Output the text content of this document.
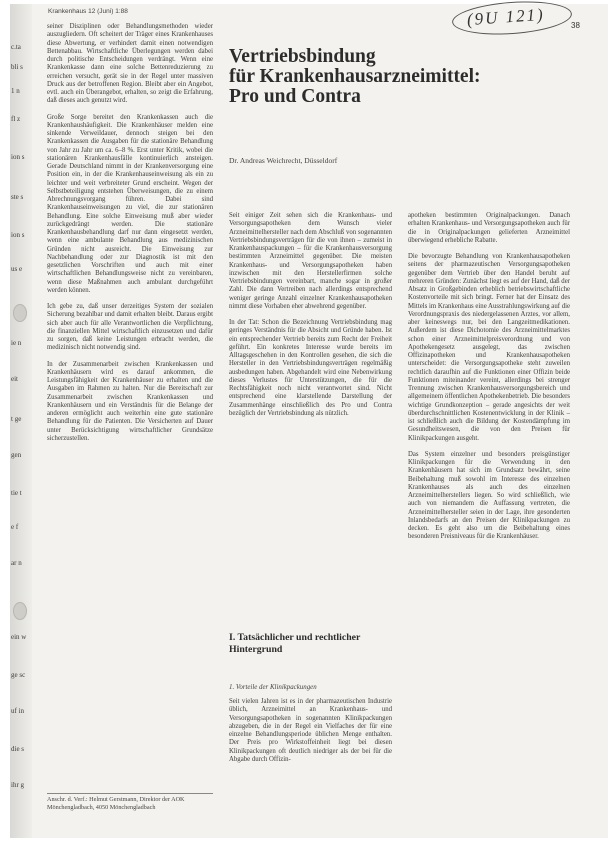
c.ta
bli s
1 n
fl z
ion s
ste s
ion s
us e
ie n
eit
t ge
gen
tie t
e f
ar n
ein w
ge sc
uf in
die s
ihr g
Krankenhaus 12 (Juni) 1:88	(9U 121)	38

seiner Disziplinen oder Behandlungsmethoden wieder auszugliedern. Oft scheitert der Träger eines Krankenhauses diese Abwertung, er verhindert damit einen notwendigen Bettenabbau. Wirtschaftliche Überlegungen werden dabei durch politische Entscheidungen verdrängt. Wenn eine Krankenkasse dann eine solche Bettenreduzierung zu erreichen versucht, gerät sie in der Regel unter massiven Druck aus der betroffenen Region. Bleibt aber ein Angebot, evtl. auch ein Überangebot, erhalten, so zeigt die Erfahrung, daß dieses auch genutzt wird.

Große Sorge bereitet den Krankenkassen auch die Krankenhaushäufigkeit. Die Krankenhäuser melden eine sinkende Verweildauer, dennoch steigen bei den Krankenkassen die Ausgaben für die stationäre Behandlung von Jahr zu Jahr um ca. 6–8 %. Erst unter Kritik, wobei die stationären Krankenhausfälle kontinuierlich ansteigen. Gerade Deutschland nimmt in der Krankenversorgung eine Position ein, in der die Krankenhauseinweisung als ein zu leichter und weit verbreiteter Grund erscheint. Wegen der Selbstbeteiligung entstehen Überweisungen, die zu einem Abrechnungsvorgang führen. Dabei sind Krankenhauseinweisungen zu viel, die zur stationären Behandlung. Eine solche Einweisung muß aber wieder zurückgedrängt werden. Die stationäre Krankenhausbehandlung darf nur dann eingesetzt werden, wenn eine ambulante Behandlung aus medizinischen Gründen nicht ausreicht. Die Einweisung zur Nachbehandlung oder zur Diagnostik ist mit den gesetzlichen Vorschriften und auch mit einer wirtschaftlichen Behandlungsweise nicht zu vereinbaren, wenn diese Maßnahmen auch ambulant durchgeführt werden können.

Ich gebe zu, daß unser derzeitiges System der sozialen Sicherung bezahlbar und damit erhalten bleibt. Daraus ergibt sich aber auch für alle Verantwortlichen die Verpflichtung, die finanziellen Mittel wirtschaftlich einzusetzen und dafür zu sorgen, daß keine Leistungen erbracht werden, die medizinisch nicht notwendig sind.

In der Zusammenarbeit zwischen Krankenkassen und Krankenhäusern wird es darauf ankommen, die Leistungsfähigkeit der Krankenhäuser zu erhalten und die Ausgaben im Rahmen zu halten. Nur die Bereitschaft zur Zusammenarbeit zwischen Krankenkassen und Krankenhäusern und ein Verständnis für die Belange der anderen ermöglicht auch weiterhin eine gute stationäre Behandlung für die Patienten. Die Versicherten auf Dauer unter Berücksichtigung wirtschaftlicher Grundsätze sicherzustellen.

Anschr. d. Verf.: Helmut Gerstmann, Direktor der AOK Mönchengladbach, 4050 Mönchengladbach
Vertriebsbindung
für Krankenhausarzneimittel:
Pro und Contra
Dr. Andreas Weichrecht, Düsseldorf

Seit einiger Zeit sehen sich die Krankenhaus- und Versorgungsapotheken dem Wunsch vieler Arzneimittelhersteller nach dem Abschluß von sogenannten Vertriebsbindungsverträgen für die von ihnen – zumeist in Krankenhauspackungen – für die Krankenhausversorgung bestimmten Arzneimittel gegenüber. Die meisten Krankenhaus- und Versorgungsapotheken haben inzwischen mit den Herstellerfirmen solche Vertriebsbindungen vereinbart, manche sogar in großer Zahl. Die dann Vertreiben nach allerdings entsprechend weniger geringe Anzahl einzelner Krankenhausapotheken nimmt diese Vorhaben eher abwehrend gegenüber.

In der Tat: Schon die Bezeichnung Vertriebsbindung mag geringes Verständnis für die Absicht und Gründe haben. Ist ein entsprechender Vertrieb bereits zum Recht der Freiheit geführt. Ein konkretes Interesse wurde bereits im Alltagsgeschehen in den Kontrollen gesehen, die sich die Hersteller in den Vertriebsbindungsverträgen regelmäßig ausbedungen haben. Abgehandelt wird eine Nebenwirkung dieses Verlustes für Unterstützungen, die für die Rechtsfähigkeit noch nicht verantwortet sind. Nicht entsprechend eine klarstellende Darstellung der Zusammenhänge einschließlich des Pro und Contra bezüglich der Vertriebsbindung als nützlich.

I. Tatsächlicher und rechtlicher Hintergrund
1. Vorteile der Klinikpackungen

Seit vielen Jahren ist es in der pharmazeutischen Industrie üblich, Arzneimittel an Krankenhaus- und Versorgungsapotheken in sogenannten Klinikpackungen abzugeben, die in der Regel ein Vielfaches der für eine einzelne Behandlungsperiode üblichen Menge enthalten. Der Preis pro Wirkstoffeinheit liegt bei diesen Klinikpackungen oft deutlich niedriger als der bei für die Abgabe durch Offizin-

apotheken bestimmten Originalpackungen. Danach erhalten Krankenhaus- und Versorgungsapotheken auch für die in Originalpackungen gelieferten Arzneimittel überwiegend erhebliche Rabatte.

Die bevorzugte Behandlung von Krankenhausapotheken seitens der pharmazeutischen Versorgungsapotheken gegenüber dem Vertrieb über den Handel beruht auf mehreren Gründen: Zunächst liegt es auf der Hand, daß der Absatz in Großgebinden erheblich betriebswirtschaftliche Kostenvorteile mit sich bringt. Ferner hat der Einsatz des Mittels im Krankenhaus eine Ausstrahlungswirkung auf die Verordnungspraxis des niedergelassenen Arztes, vor allem, aber keineswegs nur, bei den Langzeitmedikationen. Außerdem ist diese Dichotomie des Arzneimittelmarktes schon einer Arzneimittelpreisverordnung und von Apothekengesetz ausgelegt, das zwischen Offizinapotheken und Krankenhausapotheken unterscheidet: die Versorgungsapotheke steht zuweilen rechtlich daraufhin auf die Funktionen einer Offizin beide Funktionen miteinander vereint, allerdings bei strenger Trennung zwischen Krankenhausversorgungsbereich und allgemeinem öffentlichen Apothekenbetrieb. Die besonders wichtige Grundkonzeption – gerade angesichts der weit überdurchschnittlichen Kostenentwicklung in der Klinik – ist schließlich auch die Bildung der Kostendämpfung im Gesundheitswesen, die von den Preisen für Klinikpackungen ausgeht.

Das System einzelner und besonders preisgünstiger Klinikpackungen für die Verwendung in den Krankenhäusern hat sich im Grundsatz bewährt, seine Beibehaltung muß sowohl im Interesse des einzelnen Krankenhauses als auch des einzelnen Arzneimittelherstellers liegen. So wird schließlich, wie auch von niemandem die Auffassung vertreten, die Arzneimittelhersteller seien in der Lage, ihre gesonderten Inlandsbedarfs an den Preisen der Klinikpackungen zu decken. Es geht also um die Beibehaltung eines besonderen Preisniveaus für die Krankenhäuser.
